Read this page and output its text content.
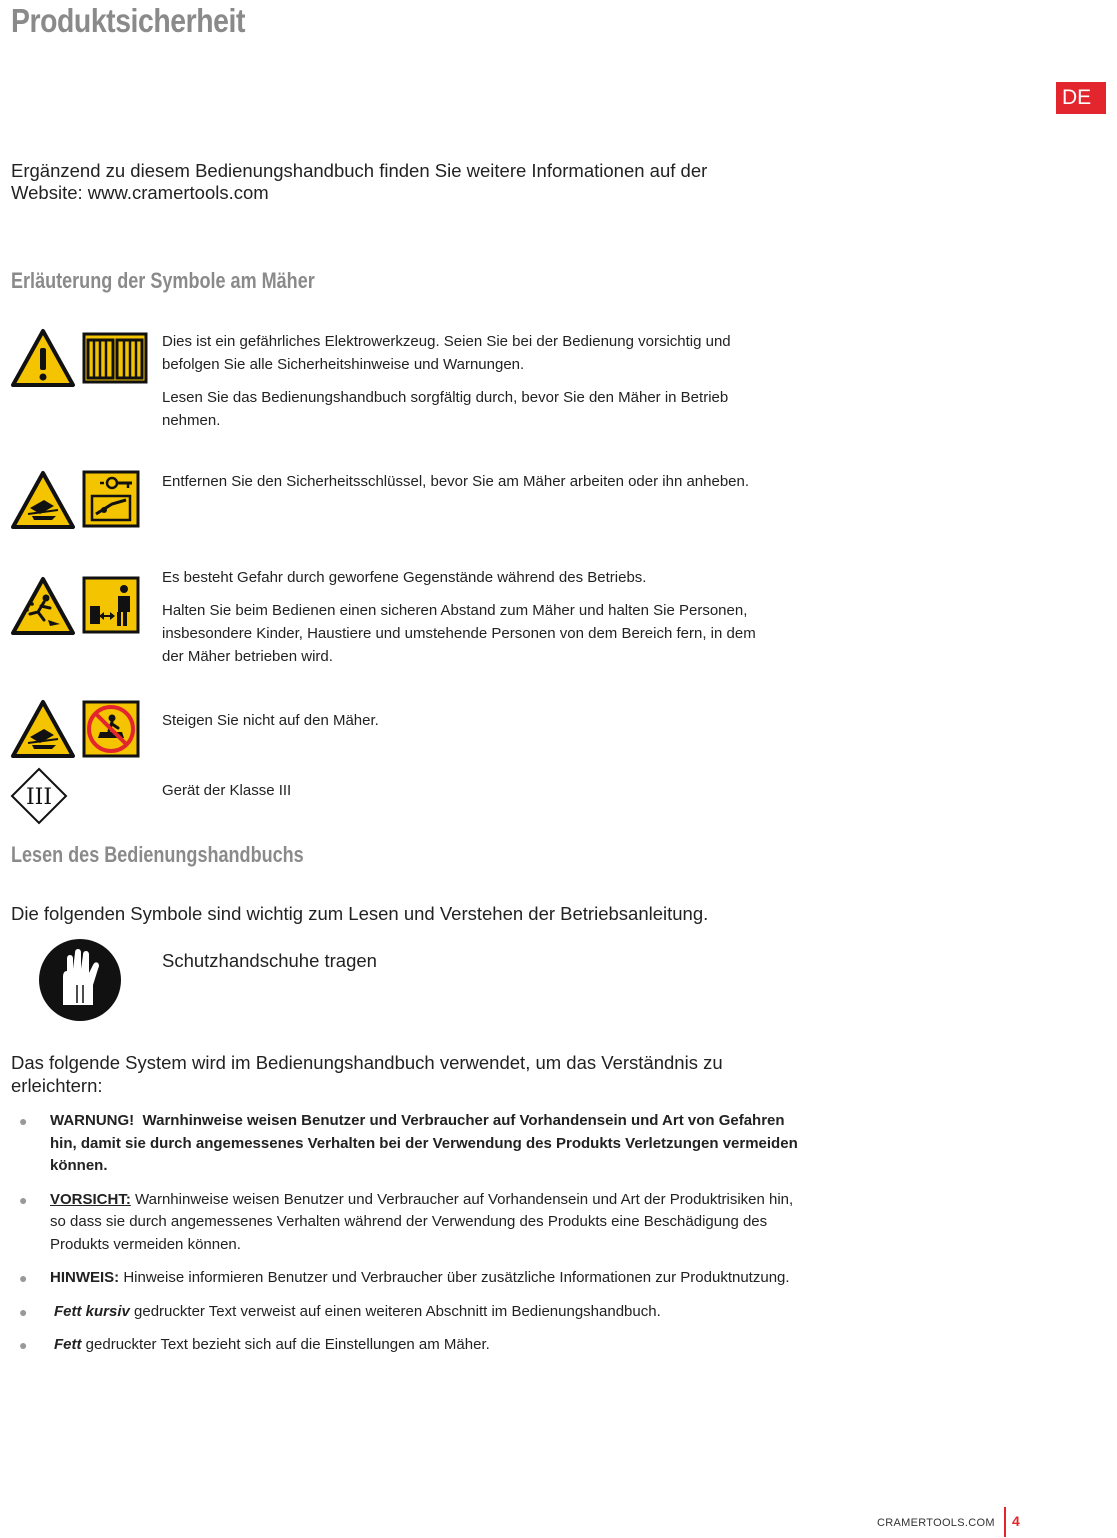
Produktsicherheit
DE
Ergänzend zu diesem Bedienungshandbuch finden Sie weitere Informationen auf der Website: www.cramertools.com
Erläuterung der Symbole am Mäher

Dies ist ein gefährliches Elektrowerkzeug. Seien Sie bei der Bedienung vorsichtig und befolgen Sie alle Sicherheitshinweise und Warnungen.

Lesen Sie das Bedienungshandbuch sorgfältig durch, bevor Sie den Mäher in Betrieb nehmen.

Entfernen Sie den Sicherheitsschlüssel, bevor Sie am Mäher arbeiten oder ihn anheben.

Es besteht Gefahr durch geworfene Gegenstände während des Betriebs.

Halten Sie beim Bedienen einen sicheren Abstand zum Mäher und halten Sie Personen, insbesondere Kinder, Haustiere und umstehende Personen von dem Bereich fern, in dem der Mäher betrieben wird.

Steigen Sie nicht auf den Mäher.

III	Gerät der Klasse III

Lesen des Bedienungshandbuchs
Die folgenden Symbole sind wichtig zum Lesen und Verstehen der Betriebsanleitung.
Schutzhandschuhe tragen
Das folgende System wird im Bedienungshandbuch verwendet, um das Verständnis zu erleichtern:
● WARNUNG! Warnhinweise weisen Benutzer und Verbraucher auf Vorhandensein und Art von Gefahren hin, damit sie durch angemessenes Verhalten bei der Verwendung des Produkts Verletzungen vermeiden können.
● VORSICHT: Warnhinweise weisen Benutzer und Verbraucher auf Vorhandensein und Art der Produktrisiken hin, so dass sie durch angemessenes Verhalten während der Verwendung des Produkts eine Beschädigung des Produkts vermeiden können.
● HINWEIS: Hinweise informieren Benutzer und Verbraucher über zusätzliche Informationen zur Produktnutzung.
● Fett kursiv gedruckter Text verweist auf einen weiteren Abschnitt im Bedienungshandbuch.
● Fett gedruckter Text bezieht sich auf die Einstellungen am Mäher.
CRAMERTOOLS.COM 4
